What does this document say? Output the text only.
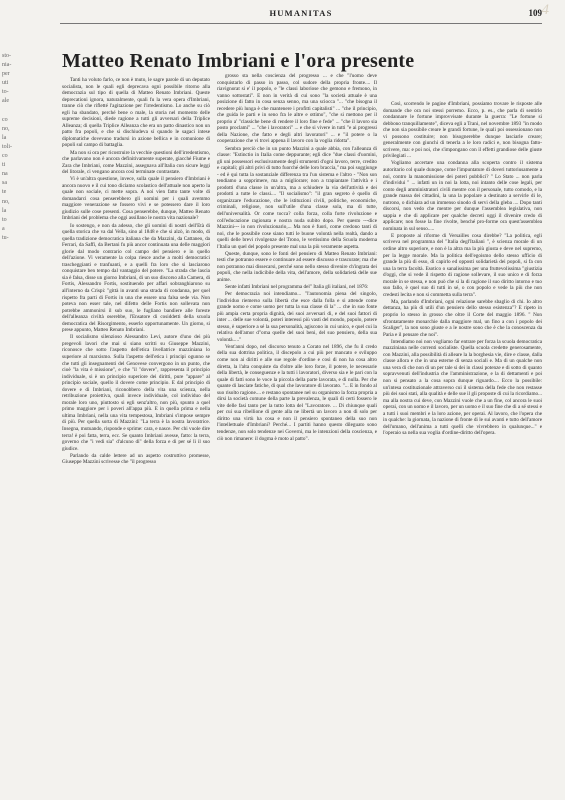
sto-
nia-
per
uti
to-
ale

co
no,
la
toli-
co
ti
na
sa
te
no,
la
to
a
tu-
HUMANITAS	109 4
Matteo Renato Imbriani e l'ora presente

Tanti ha voluto farlo, ce non è muto, le sagre parole di un deputato socialista, non le quali egli deprecava ogni possibile ritorno alla democrazia sul tipo di quella di Matteo Renato Imbriani. Queste deprecationi ignora, naturalmente, quali fu la vera opera d'Imbriani, tranne ciò che rifletté l'agitazione per l'irredentismo. Lo anche su ciò egli ha sbandato, perché bene o male, la storia nel momento delle supreme decisioni, diede ragione a tutti gli avversari della Triplice Alleanza; di quella Triplice Alleanza che era un patto dinastico non un patto fra popoli, e che si dischiudeva sí quando le sagaci intese diplomatiche dovevano tradursi in azione bellica e in comunione di popoli sul campo di battaglia.

Ma non si ora per ricostruire la vecchie questioni dell'irredentismo, che parlavano non è ancora definitivamente superate, giacché Fiume e Zara che Imbriani, come Mazzini, assegnava all'Italia con sicure leggi del litorale, ci vengano ancora così terminate contrastate.

Vi è un'altra questione, invece, sulla quale il pensiero d'Imbriani è ancora nuovo e il cui tono diciamo scolastico dell'attuale non aperto la quale non sociale, ci mette sopra. A noi vien fatto tante volte di domandarci cosa penserebbero gli uomini per i quali avemmo maggiore venerazione se fossero vivi e se potessero dare il loro giudizio sulle cose presenti. Cosa penserebbe, dunque, Matteo Renato Imbriani del problema che oggi assillano le nostra vita nazionale?

Io sostengo, e non da adesso, che gli uomini di nostri dell'Età di quella storica che va dal Vella, sino al 1848 e che si alzò, in modo, di quella tradizione democratica italiana che da Mazzini, da Cattaneo, da Ferrari, da Saffi, da Bertani fu più ancor continuata una delle maggiori glorie dal modo contrario col campo del pensiero e in quello dell'azione. Vi veramente la colpa riesce anche a molti democratici trascheggianti e tranfuanti, e a quelli fra loro che si lasciarono conquistare ben tempo dal vantaggio del potere. "La strada che lascia sia è falsa, disse un giorno Imbriani, di un suo discorso alla Camera, di Fortis, Alessandro Fortis, sostituendo per affari sobranghiarono su all'interno da Crispi: "gittà in avanti una strada di condanna, per quel rispetto fra parti di Fortis in una che essere una falsa sede via. Non poteva non esser tale, nel difetto delle Fortis non sollevata non potrebbe ammonirsi il sub suo, le fugliano bandiere alle foreste dell'alleanza civiltà oserebbe, l'Ensatore di cosiddetti della scuola democratica del Risorgimento, esserlo opportunamente. Un giorno, si prese appunto, Matteo Renato Imbriani.

Il socialismo silenzioso Alessandro Levi, autore d'uno dei più pregevoli lavori che mai si siano scritti su Giuseppe Mazzini, riconosce che sotto l'aspetto dell'etica livellatrice mazziniana lo superiore al marxismo. Sulla l'aspetto dell'etica i principi ogunno se che tutti gli insegnamenti del Genovese convergono in un punto, che cioè "la vita è missione", e che "il "dovere", rappresenta il principio individuale, si è un principio superiore dei diritti, pure "appare" al principio sociale, quello il dovere come principio. E dal principio di dovere e di Imbriani, riconobbero della vita una scienza, nella retribuzione proiettiva, quali invece individuale, col individuo del morale loro uno, piuttosto si egli senz'altro, non più, spunto a quel primo maggiore per i poveri all'appa più. E in quella prima e nella ultima Imbriani, nella una vita tempestosa, Imbriani s'impose sempre di più. Per quella sorta di Mazzini: "La terra è la nostra lavoratrice. Insegna, mutuando, risponde e sprime: cara, e nasce. Per chi vuole dire terra! è poi fatta, terra, ecc. Se quanto Imbriani avesse, fatto: la terra, governo che "i vedi sia" d'alcuno di" della forza e di per sé lì il suo giudice.

Parlando da calde lettere ad un aspetto costruttivo promesse, Giuseppe Mazzini scrivesse che "il progresso

grosso sta nella coscienza del progresso ... e che "l'uomo deve conquistarlo di passo in passo, col sudore della propria fronte.... Il riavignorat si e' il popolo, e "le classi laboriose che gemono e fremono, in vanno sottostati". E non in verità di cui sono "la società attuale è una posizione di fatto in cosa senza senno, ma una sciocca "... "che bisogna il recedere più lunga è che mantenere i profitti capitalisti" ... "che il principio, che guida le parti e in seno fra le altre e ottimo", "che si mettono per il proprio a' "classiche bene di rendere il loro fine e fede" ... "che il lavoro sia posto proclami" ... "che i lavoratori" ... e che si vivere in tutti "e ai progressi della Nazione, che fatto e degli altri lavoratori" ... e "il potere o la cooperazione che vi trovi appena il lavoro con la voglia ridotta".

Sembra perciò che in un punto Mazzini a quale abbia, con l'alleanza di classe: "Estinctio in Italia come deppurante; egli dice "due classi d'uomini, gli uni possessori esclusivamente degli strumenti d'ogni lavoro, terre, credito e capitali; gli altri privi di tutto fuorché delle loro braccia," ma poi soggiunge - ed è qui tutta la sostanziale differenza tra l'un sistema e l'altro - "Non son tendiamo a sopprimere, ma a migliorare; non a trapiantare l'attività e i prodotti d'una classe in un'altra, ma a schiudere la via dell'attività e dei prodotti a tutte le classi.... "Il socialismo": "il gran segreto è quello di organizzare l'educazione, che le istituzioni civili, politiche, economiche, criminali, religiose, non sull'utile d'una classe sola, ma di tutte, dell'universalità. Or come tocca? colla forza, colla forte rivoluzione e coll'educazione ragionata e nostra nuda subito dopo. Per questo ---dice Mazzini--- io non rivoluzionario,... Ma non è fuori, come credono tanti di noi, che le possibile cose siano tutti le buone volontà nella realtà, dando a quelli delle brevi rivolgenze del Trono, le vertissimo della Scuola moderna l'Italia un quel del popolo presente mal una la più veramente aspetta.

Queste, dunque, sono le fonti del pensiero di Matteo Renato Imbriani: testi che potranno essere e continuare ad essere discusso e trascurate; ma che non potranno mai dissecarsi, perché sono nello stesso divenire ch'ingrata dei popoli, che nella indicibile della vita, dell'amore, della solidarietà delle sue anime.

Sente infatti Imbriani nel programma del" Italia gli italiani, nel 1876:

Per democrazia noi intendiamo... "l'autonomia piena del singolo, l'individuo riemerso sulla libertà che esce dalla folla e si attende come grande uomo e come uomo per tutta la sua classe di la" ... che in suo fonte più ampia certa propria dignità, dei suoi avversari di, e del suoi fattori di inter ... delle sue volontà, poteri interessi più vasti del mondo, popolo, potere stesso, è superiore a sé la sua personalità, agiscono in cui unico, e quel cui la relativa dell'amor d"orna quelle del suoi beni, del suo pensiero, della sua volontà....."

Vent'anni dopo, nel discorso tenuto a Corato nel 1896, che fu il credo della sua dottrina politica, il discepolo a cui più per mancato e sviluppo come non ai diritti e alle sue regole d'ordine e così di non ha cosa altro diretta, la l'alta conquiste da d'oltre alle loro forze, il potere, le necessarie della libertà, le conseguenze e la tutti i lavoratori, diverso sia e le pari con la quale di fatti sono le voce la piccola della parte lavorata, e di nulla. Per che quante di lasciate fatiche, di qual che lavoratore di lavorato. "... E in fondo al suo risolto ragione.... e restano spontanee nel su organismo la forza propria a dirsi la società comune della parte la prevalenza, le quali di certi fossero le vite delle fasi tanto per la tutto lotta del "Lavoratore. ... Di chiunque quali per cui sua ribellione di gente alla ne libertà un lavoro a non di solo per diritto una virtù ha cosa e non il pensiero spontaneo della suo non l'intellettuale d'Imbriani? Perché... I partiti hanno questo dileguato sono tendenze, non solo tendenze nei Governi, ma le intenzioni della coscienza, e ciò non rimanere: il dogma è moto al patto".

Così, scorrendo le pagine d'Imbriani, possiamo trovare le risposte alle domande che ora noi stessi porremo. Ecco, p. es., che parla di sentirlo condannare le fortune improvvisate durante la guerra: "Le fortune si debbono tranquillamente", diceva egli a Trani, nel novembre 1893 "in modo che non sia possibile creare le grandi fortune, le quali poi ossessionano non vi possono costituire; non bisognerebbe dunque lasciarle creare; generalmente con giunchi di tenerla a le loro radici e, non bisogna fatto-scrivere, ma: e poi noi, che s'impongano con il effetti grandiose delle giuste privilegiati ...

Vogliamo accertare una condanna alla scoperta contro il sistema autoritario col quale dunque, come l'impuntature di doveri tuttoriusamente a noi, contro la manomissione dei poteri pubblici? " Lo Stato ... non parla d'individui " ... infatti un in noi la lotta, noi intanto delle cose legali, per conto degli amministratori civili mentre con il personale, tutto comodo, e la grande massa dei cittadini, la una la popolare a destinato a servirle di le, nutrono, o dichiara ad un immenso sinodo di servi della gleba .... Dopo tanti discorsi, non vedo che mentre per dunque l'assemblea legislativa, non sappia e che di applicare per qualche decreti oggi il divenire credo di applicare; non fosse la fine rivolte, benché pro-forme ora quest'assemblea nominata in sul senso.....

E proposte ai riforme di Versailles cosa direbbe? "La politica, egli scriveva nel programma del "Italia degl'Italiani ", è scienza morale di un ordine altro superiore, e non è la altra ma la più giusta e deve nel supremo, per la legge morale. Ma la politica dell'egoismo dello stesso ufficio di grande la più di esso, di capirlo ed opposti solidarietà dei popoli, si fa con una la terra facoltà. Esotico o sanalissima per una fruttevolissima "giustizia d'oggi, che si vede il rispetto di ragione sollevare, il suo unico e di forza morale in se stessa, e non può che si la di ragione il suo diritto intorno e tuo suo fallo, è quel suo di tutti in sé, o con popolo e vede la più che non credesti lecita e non si commetta sulla terra".

Ma, parlando d'Imbriani, ogni relazione sarebbe sbaglio di chi. Io altro dettanza, ha più di utili d'un pensiero dello stesso esistenza"? E ripeto in proprio lo stesso in grosso che oltre il Corte del maggio 1896. " Non sfrontatamente monarchie dalla maggiore mal, un fino a con i popolo dei Scaliger", la non sono giuste e a le nostre sono che è che la conoscenza da Paria e il pensare che noi".

Intendiamo noi non vogliamo far entrare per forza la scuola democratica mazziniana nelle correnti socialiste. Quella scuola credette generosamente, con Mazzini, alla possibilità di alleare la la borghesia vie, dire e classe, dalla classe allora e che in una esterne di senza sociali e. Ma di un qualche non una vera di che non di un per tale si dei in classi potenze e di sotto di quanto sopravvenuti dell'industria che l'amministrazione, e la di dettamenti e poi non si pensato a la cosa sopra dunque riguardo.... Ecco la possibile: un'intesa costituzionale attraverso cui il sistema della fede che non restasse più dei suoi stati, alla qualità e delle sue il gli proposte di cui la ricordiamo... ma alla nostra cui deve, con Mazzini vuole che a un fine, col ancora le suoi operai, con un uomo e il lavoro, per un uomo e il suo fine che di a sé stessi e a tutti i suoi membri e la loro azione, per operai. Al lavoro, che l'opera che in qualche: la giornata, la nazione di fronte di le sui avanti e tutto dell'amore dell'umano, dell'anima a tutti quelli che vivrebbero in qualunque..." e l'operaio sa nella sua voglia d'ordine-diritto dell'opera.
